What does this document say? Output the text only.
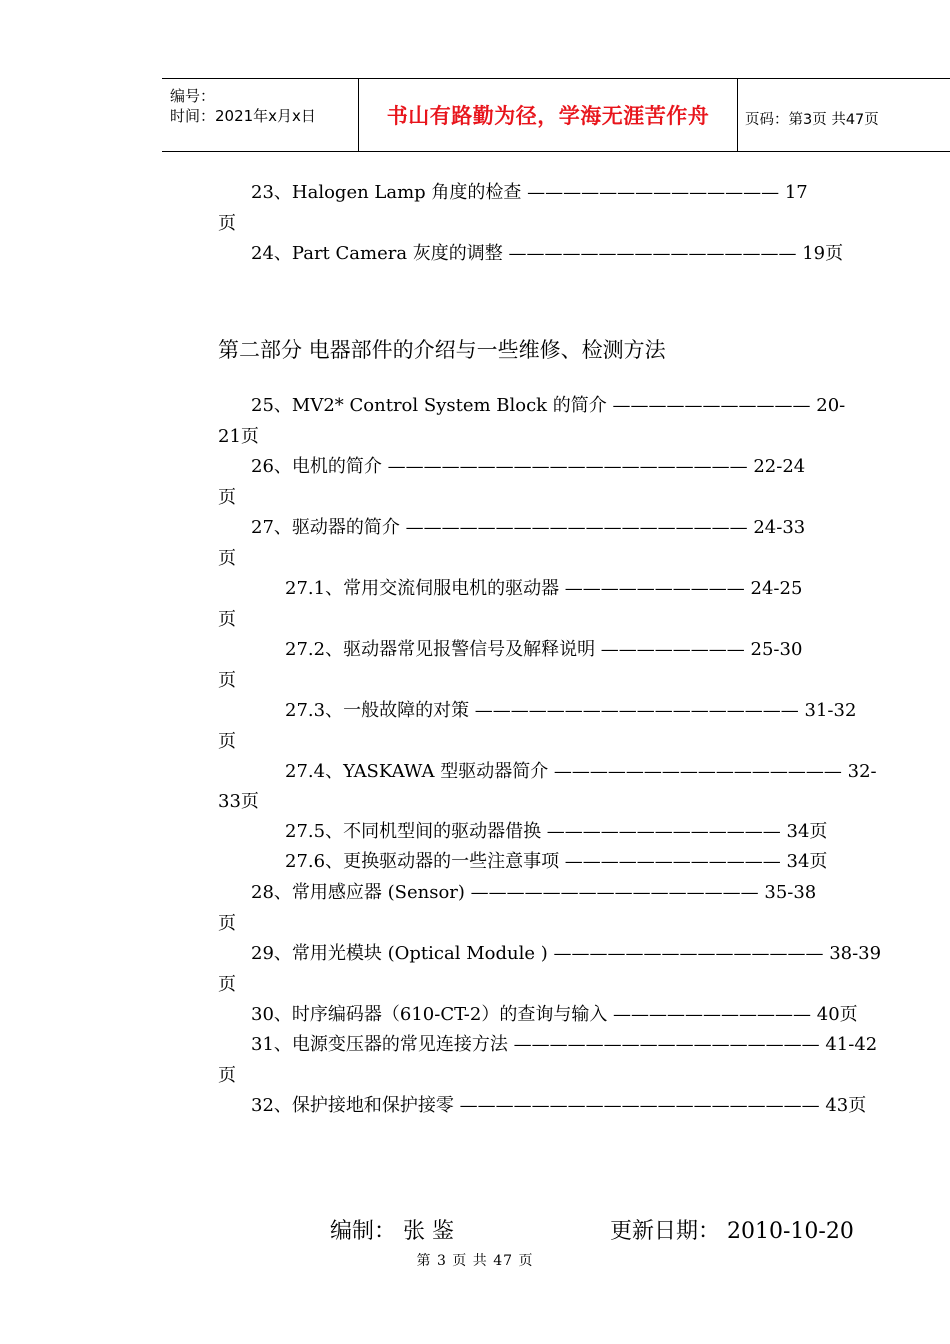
编号：
时间：2021年x月x日	书山有路勤为径，学海无涯苦作舟 页码：第3页 共47页
23、Halogen Lamp 角度的检查 —————————————— 17
页
24、Part Camera 灰度的调整 ———————————————— 19页
第二部分 电器部件的介绍与一些维修、检测方法
25、MV2* Control System Block 的简介 ——————————— 20-
21页
26、电机的简介 ———————————————————— 22-24
页
27、驱动器的简介 ——————————————————— 24-33
页
27.1、常用交流伺服电机的驱动器 —————————— 24-25
页
27.2、驱动器常见报警信号及解释说明 ———————— 25-30
页
27.3、一般故障的对策 —————————————————— 31-32
页
27.4、YASKAWA 型驱动器简介 ———————————————— 32-
33页
27.5、不同机型间的驱动器借换 ————————————— 34页
27.6、更换驱动器的一些注意事项 ———————————— 34页
28、常用感应器 (Sensor) ———————————————— 35-38
页
29、常用光模块 (Optical Module ) ——————————————— 38-39
页
30、时序编码器（610-CT-2）的查询与输入 ——————————— 40页
31、电源变压器的常见连接方法 ————————————————— 41-42
页
32、保护接地和保护接零 ———————————————————— 43页
编制： 张 鉴	更新日期： 2010-10-20
第 3 页 共 47 页
